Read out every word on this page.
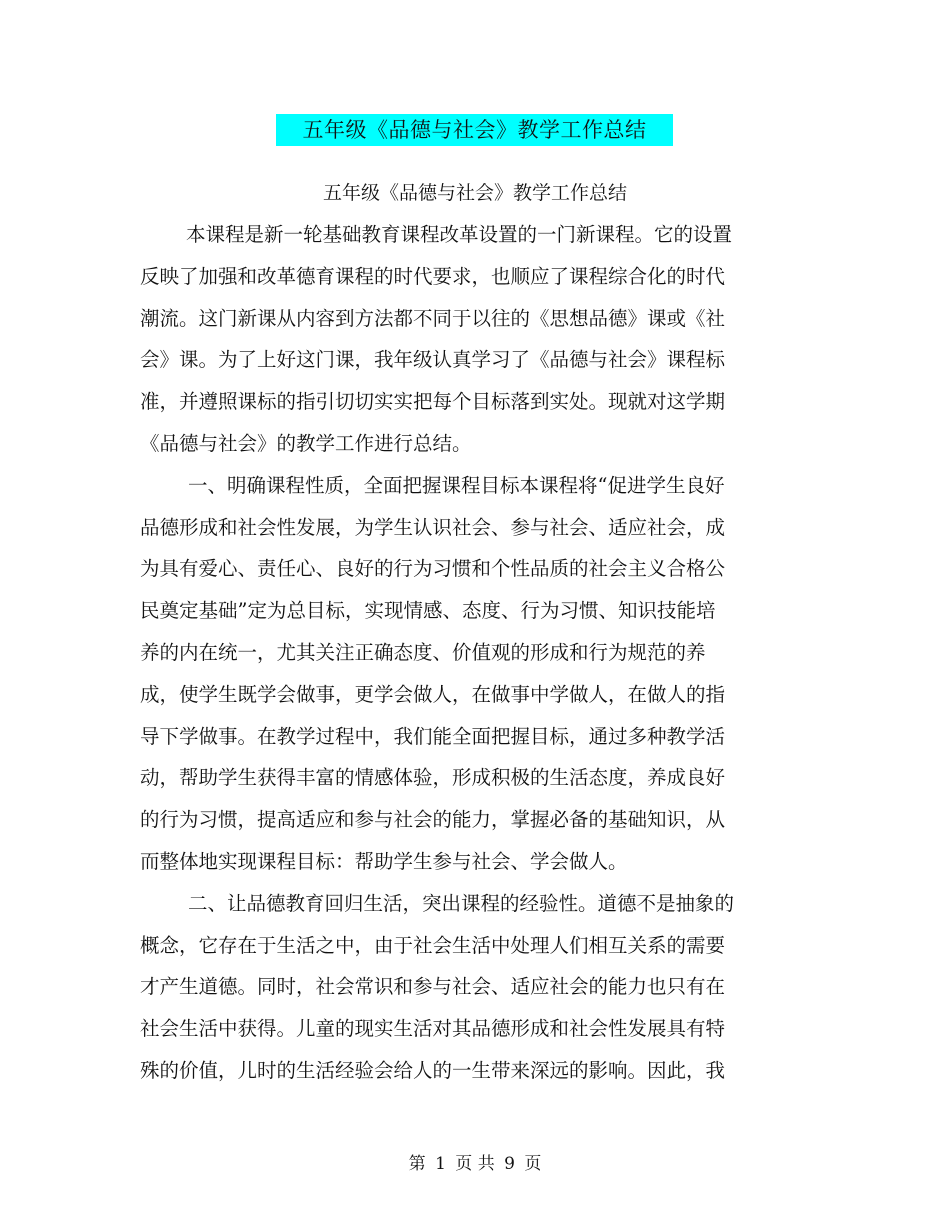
五年级《品德与社会》教学工作总结
五年级《品德与社会》教学工作总结
本课程是新一轮基础教育课程改革设置的一门新课程。它的设置
反映了加强和改革德育课程的时代要求，也顺应了课程综合化的时代
潮流。这门新课从内容到方法都不同于以往的《思想品德》课或《社
会》课。为了上好这门课，我年级认真学习了《品德与社会》课程标
准，并遵照课标的指引切切实实把每个目标落到实处。现就对这学期
《品德与社会》的教学工作进行总结。
一、明确课程性质，全面把握课程目标本课程将“促进学生良好
品德形成和社会性发展，为学生认识社会、参与社会、适应社会，成
为具有爱心、责任心、良好的行为习惯和个性品质的社会主义合格公
民奠定基础”定为总目标，实现情感、态度、行为习惯、知识技能培
养的内在统一，尤其关注正确态度、价值观的形成和行为规范的养
成，使学生既学会做事，更学会做人，在做事中学做人，在做人的指
导下学做事。在教学过程中，我们能全面把握目标，通过多种教学活
动，帮助学生获得丰富的情感体验，形成积极的生活态度，养成良好
的行为习惯，提高适应和参与社会的能力，掌握必备的基础知识，从
而整体地实现课程目标：帮助学生参与社会、学会做人。
二、让品德教育回归生活，突出课程的经验性。道德不是抽象的
概念，它存在于生活之中，由于社会生活中处理人们相互关系的需要
才产生道德。同时，社会常识和参与社会、适应社会的能力也只有在
社会生活中获得。儿童的现实生活对其品德形成和社会性发展具有特
殊的价值，儿时的生活经验会给人的一生带来深远的影响。因此，我
第 1 页 共 9 页
